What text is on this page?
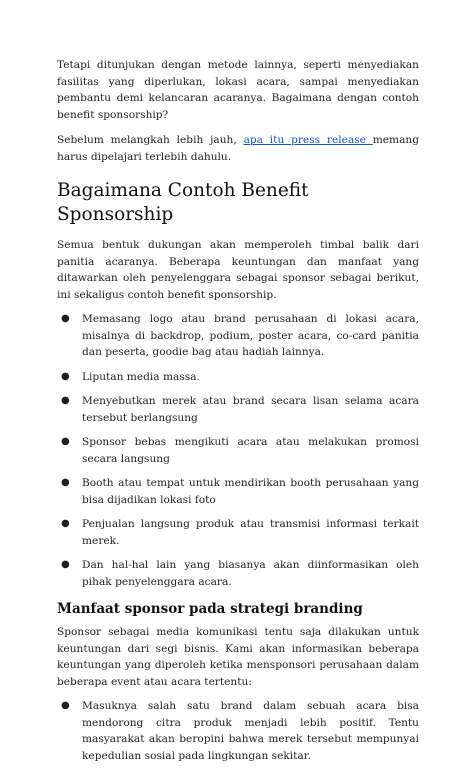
Tetapi ditunjukan dengan metode lainnya, seperti menyediakan fasilitas yang diperlukan, lokasi acara, sampai menyediakan pembantu demi kelancaran acaranya. Bagaimana dengan contoh benefit sponsorship?

Sebelum melangkah lebih jauh, apa itu press release memang harus dipelajari terlebih dahulu.

Bagaimana Contoh Benefit Sponsorship

Semua bentuk dukungan akan memperoleh timbal balik dari panitia acaranya. Beberapa keuntungan dan manfaat yang ditawarkan oleh penyelenggara sebagai sponsor sebagai berikut, ini sekaligus contoh benefit sponsorship.

● Memasang logo atau brand perusahaan di lokasi acara, misalnya di backdrop, podium, poster acara, co-card panitia dan peserta, goodie bag atau hadiah lainnya.
● Liputan media massa.
● Menyebutkan merek atau brand secara lisan selama acara tersebut berlangsung
● Sponsor bebas mengikuti acara atau melakukan promosi secara langsung
● Booth atau tempat untuk mendirikan booth perusahaan yang bisa dijadikan lokasi foto
● Penjualan langsung produk atau transmisi informasi terkait merek.
● Dan hal-hal lain yang biasanya akan diinformasikan oleh pihak penyelenggara acara.
Manfaat sponsor pada strategi branding

Sponsor sebagai media komunikasi tentu saja dilakukan untuk keuntungan dari segi bisnis. Kami akan informasikan beberapa keuntungan yang diperoleh ketika mensponsori perusahaan dalam beberapa event atau acara tertentu:

● Masuknya salah satu brand dalam sebuah acara bisa mendorong citra produk menjadi lebih positif. Tentu masyarakat akan beropini bahwa merek tersebut mempunyai kepedulian sosial pada lingkungan sekitar.
